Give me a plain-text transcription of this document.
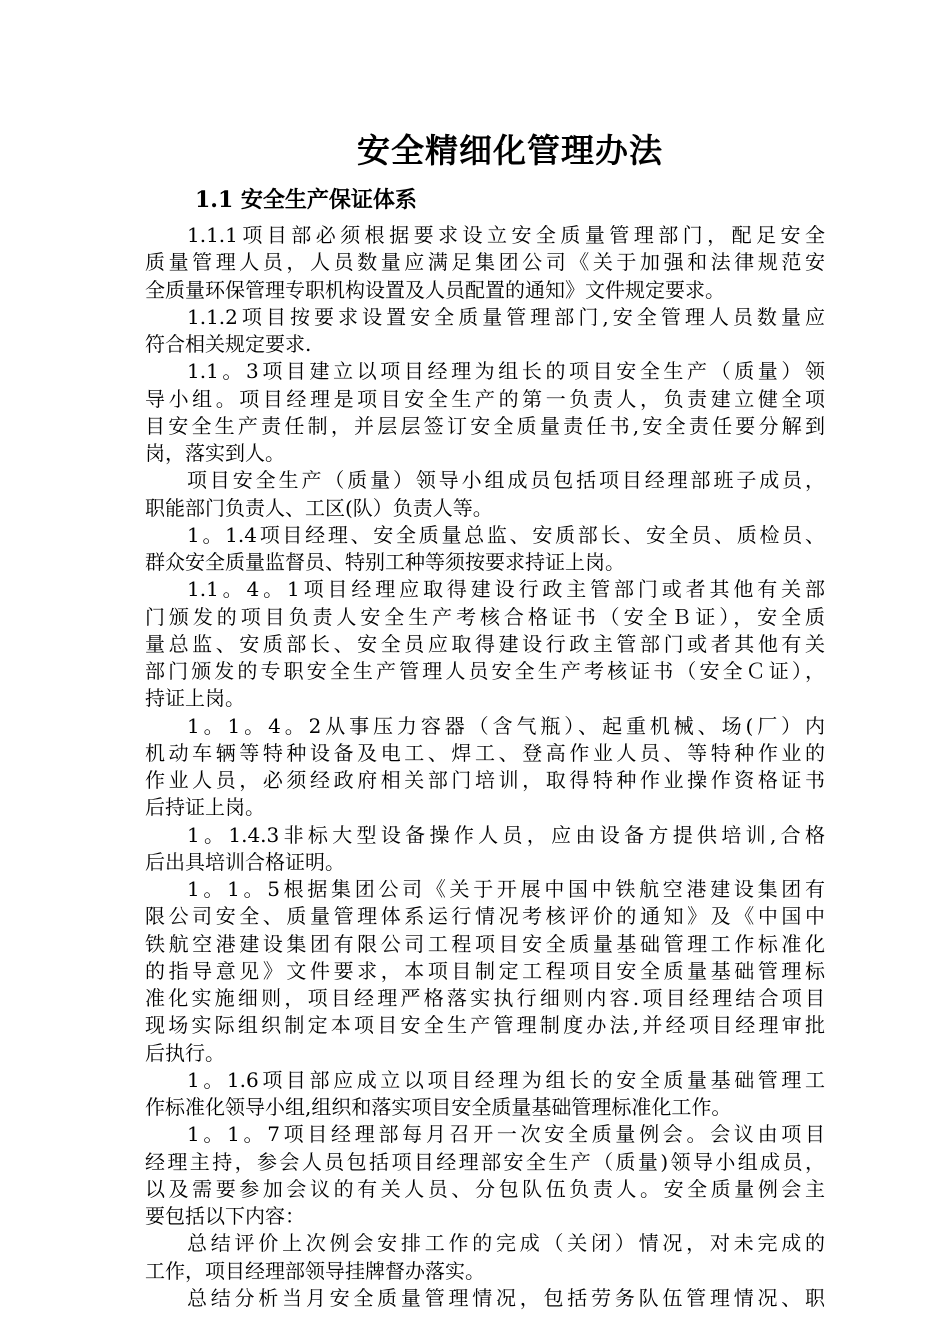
安全精细化管理办法
1.1 安全生产保证体系
1.1.1项目部必须根据要求设立安全质量管理部门，配足安全
质量管理人员，人员数量应满足集团公司《关于加强和法律规范安
全质量环保管理专职机构设置及人员配置的通知》文件规定要求。
1.1.2项目按要求设置安全质量管理部门,安全管理人员数量应
符合相关规定要求.
1.1。3项目建立以项目经理为组长的项目安全生产（质量）领
导小组。项目经理是项目安全生产的第一负责人，负责建立健全项
目安全生产责任制，并层层签订安全质量责任书,安全责任要分解到
岗，落实到人。
项目安全生产（质量）领导小组成员包括项目经理部班子成员，
职能部门负责人、工区(队）负责人等。
1。1.4项目经理、安全质量总监、安质部长、安全员、质检员、
群众安全质量监督员、特别工种等须按要求持证上岗。
1.1。4。1项目经理应取得建设行政主管部门或者其他有关部
门颁发的项目负责人安全生产考核合格证书（安全Ｂ证），安全质
量总监、安质部长、安全员应取得建设行政主管部门或者其他有关
部门颁发的专职安全生产管理人员安全生产考核证书（安全Ｃ证），
持证上岗。
1。1。4。2从事压力容器（含气瓶）、起重机械、场(厂）内
机动车辆等特种设备及电工、焊工、登高作业人员、等特种作业的
作业人员，必须经政府相关部门培训，取得特种作业操作资格证书
后持证上岗。
1。1.4.3非标大型设备操作人员，应由设备方提供培训,合格
后出具培训合格证明。
1。1。5根据集团公司《关于开展中国中铁航空港建设集团有
限公司安全、质量管理体系运行情况考核评价的通知》及《中国中
铁航空港建设集团有限公司工程项目安全质量基础管理工作标准化
的指导意见》文件要求，本项目制定工程项目安全质量基础管理标
准化实施细则，项目经理严格落实执行细则内容.项目经理结合项目
现场实际组织制定本项目安全生产管理制度办法,并经项目经理审批
后执行。
1。1.6项目部应成立以项目经理为组长的安全质量基础管理工
作标准化领导小组,组织和落实项目安全质量基础管理标准化工作。
1。1。7项目经理部每月召开一次安全质量例会。会议由项目
经理主持，参会人员包括项目经理部安全生产（质量)领导小组成员，
以及需要参加会议的有关人员、分包队伍负责人。安全质量例会主
要包括以下内容：
总结评价上次例会安排工作的完成（关闭）情况，对未完成的
工作，项目经理部领导挂牌督办落实。
总结分析当月安全质量管理情况，包括劳务队伍管理情况、职
